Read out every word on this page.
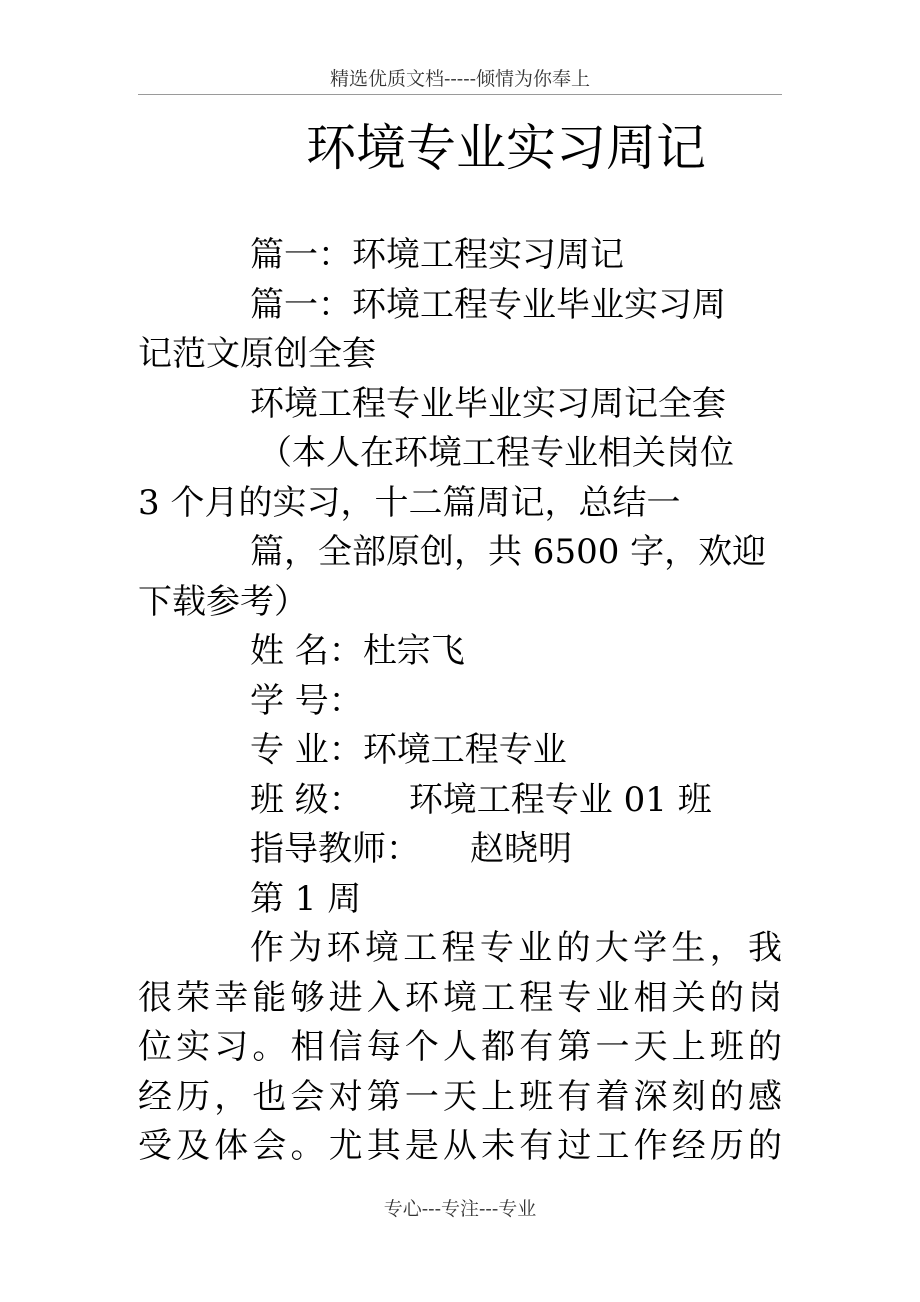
精选优质文档-----倾情为你奉上
环境专业实习周记
篇一：环境工程实习周记
篇一：环境工程专业毕业实习周
记范文原创全套
环境工程专业毕业实习周记全套
（本人在环境工程专业相关岗位
3 个月的实习，十二篇周记，总结一
篇，全部原创，共 6500 字，欢迎
下载参考）
姓 名：杜宗飞
学 号：
专 业：环境工程专业
班 级： 环境工程专业 01 班
指导教师： 赵晓明
第 1 周
作为环境工程专业的大学生，我
很荣幸能够进入环境工程专业相关的岗
位实习。相信每个人都有第一天上班的
经历，也会对第一天上班有着深刻的感
受及体会。尤其是从未有过工作经历的
专心---专注---专业
